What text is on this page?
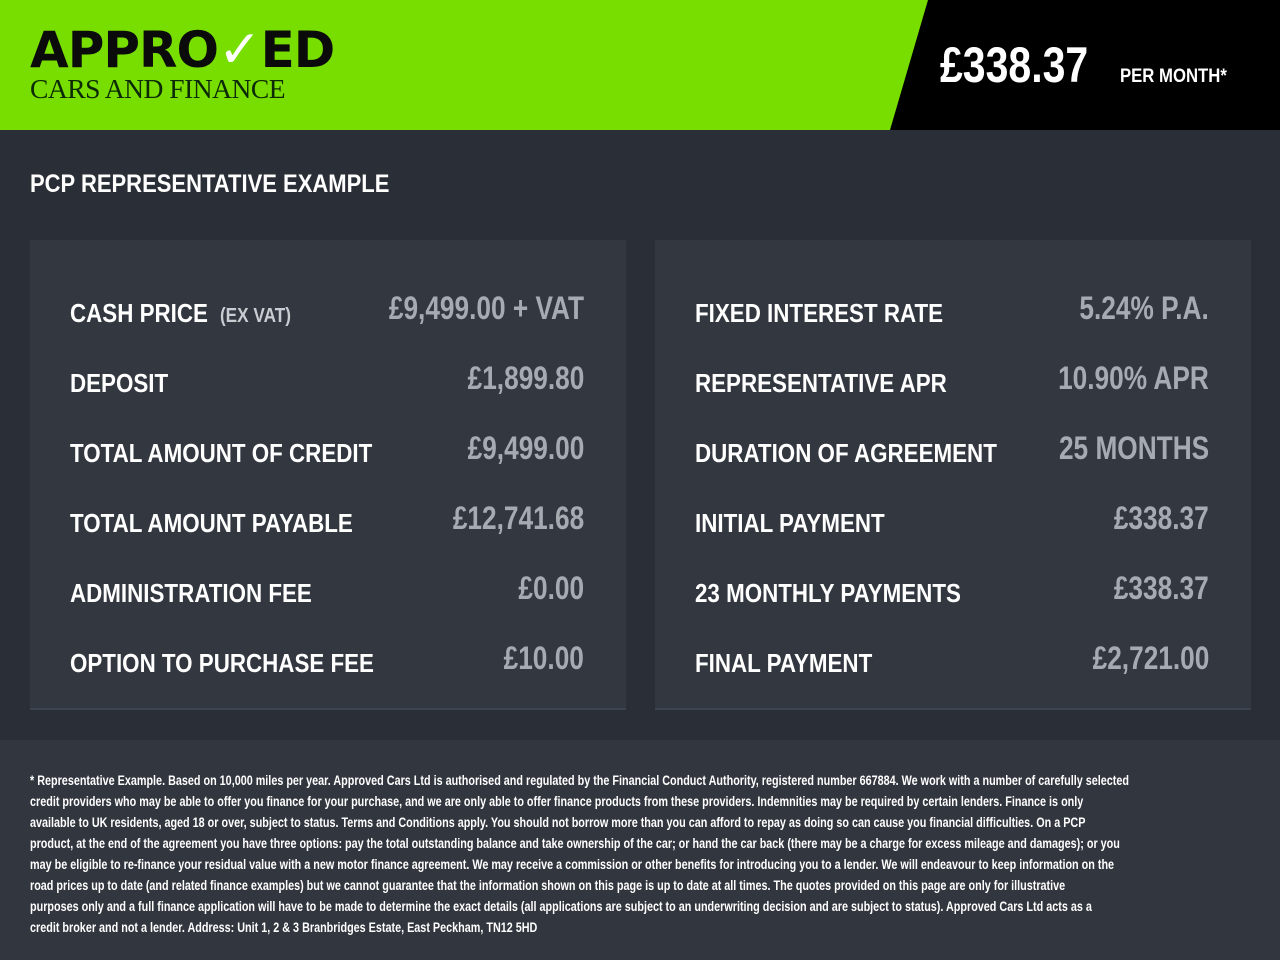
APPRO✓ED
CARS AND FINANCE	£338.37 PER MONTH*
PCP REPRESENTATIVE EXAMPLE
CASH PRICE (EX VAT)	£9,499.00 + VAT
DEPOSIT	£1,899.80
TOTAL AMOUNT OF CREDIT	£9,499.00
TOTAL AMOUNT PAYABLE	£12,741.68
ADMINISTRATION FEE	£0.00
OPTION TO PURCHASE FEE	£10.00
FIXED INTEREST RATE	5.24% P.A.
REPRESENTATIVE APR	10.90% APR
DURATION OF AGREEMENT 25 MONTHS
INITIAL PAYMENT	£338.37
23 MONTHLY PAYMENTS	£338.37
FINAL PAYMENT	£2,721.00
* Representative Example. Based on 10,000 miles per year. Approved Cars Ltd is authorised and regulated by the Financial Conduct Authority, registered number 667884. We work with a number of carefully selected
credit providers who may be able to offer you finance for your purchase, and we are only able to offer finance products from these providers. Indemnities may be required by certain lenders. Finance is only
available to UK residents, aged 18 or over, subject to status. Terms and Conditions apply. You should not borrow more than you can afford to repay as doing so can cause you financial difficulties. On a PCP
product, at the end of the agreement you have three options: pay the total outstanding balance and take ownership of the car; or hand the car back (there may be a charge for excess mileage and damages); or you
may be eligible to re-finance your residual value with a new motor finance agreement. We may receive a commission or other benefits for introducing you to a lender. We will endeavour to keep information on the
road prices up to date (and related finance examples) but we cannot guarantee that the information shown on this page is up to date at all times. The quotes provided on this page are only for illustrative
purposes only and a full finance application will have to be made to determine the exact details (all applications are subject to an underwriting decision and are subject to status). Approved Cars Ltd acts as a
credit broker and not a lender. Address: Unit 1, 2 & 3 Branbridges Estate, East Peckham, TN12 5HD
